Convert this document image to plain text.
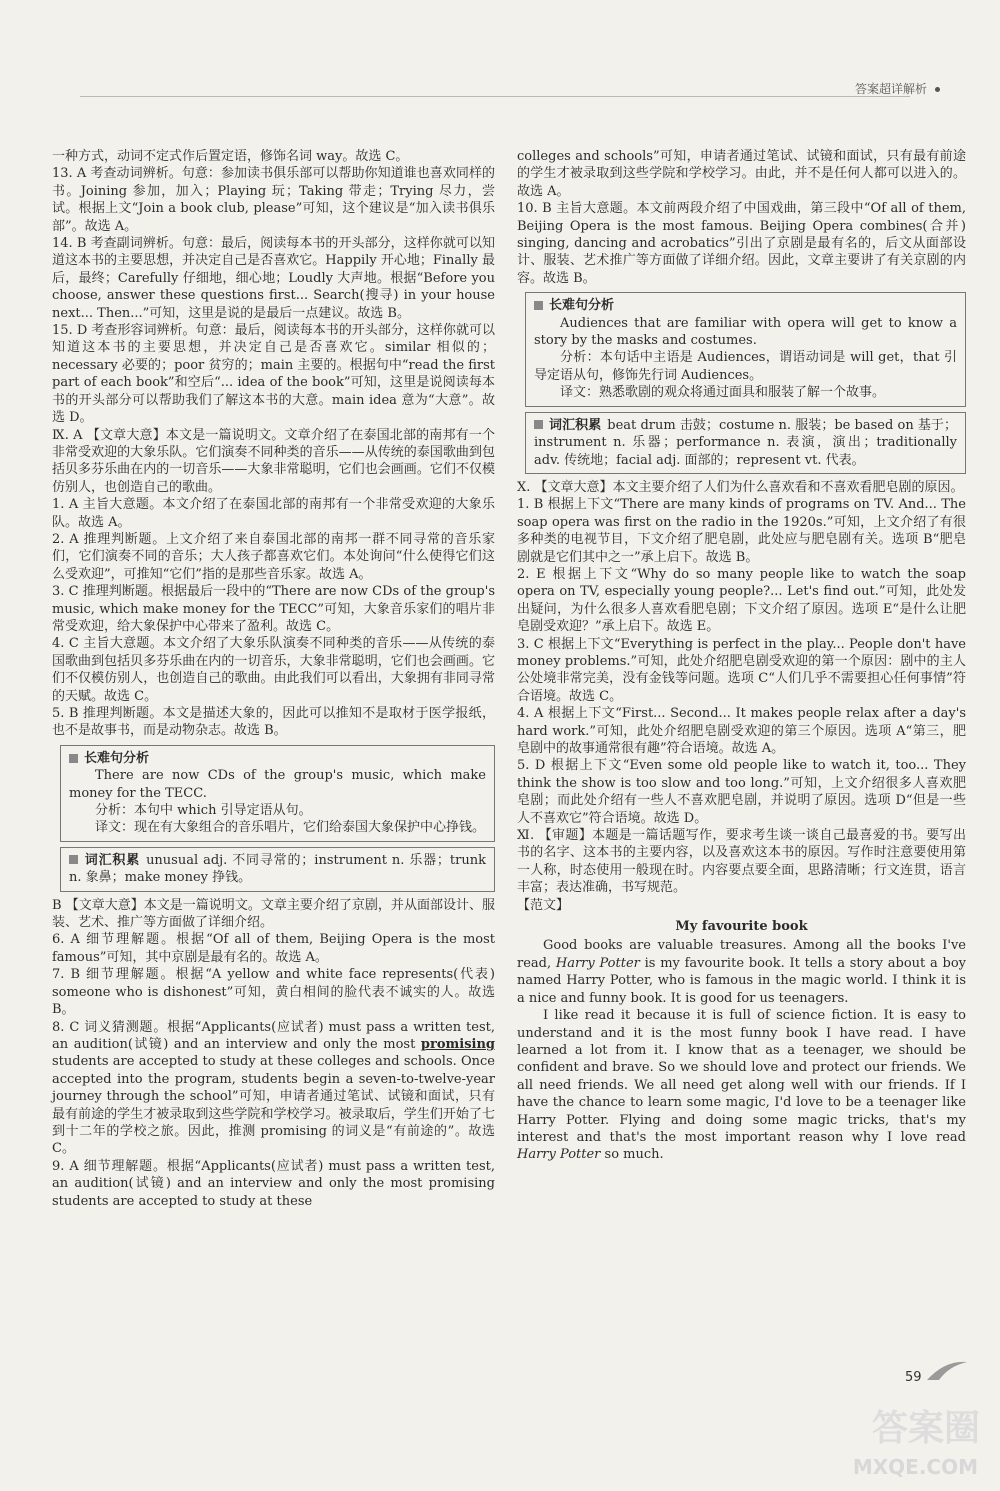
答案超详解析

一种方式，动词不定式作后置定语，修饰名词 way。故选 C。

13. A 考查动词辨析。句意：参加读书俱乐部可以帮助你知道谁也喜欢同样的书。Joining 参加，加入；Playing 玩；Taking 带走；Trying 尽力，尝试。根据上文“Join a book club, please”可知，这个建议是“加入读书俱乐部”。故选 A。

14. B 考查副词辨析。句意：最后，阅读每本书的开头部分，这样你就可以知道这本书的主要思想，并决定自己是否喜欢它。Happily 开心地；Finally 最后，最终；Carefully 仔细地，细心地；Loudly 大声地。根据“Before you choose, answer these questions first... Search(搜寻) in your house next... Then...”可知，这里是说的是最后一点建议。故选 B。

15. D 考查形容词辨析。句意：最后，阅读每本书的开头部分，这样你就可以知道这本书的主要思想，并决定自己是否喜欢它。similar 相似的；necessary 必要的；poor 贫穷的；main 主要的。根据句中“read the first part of each book”和空后“... idea of the book”可知，这里是说阅读每本书的开头部分可以帮助我们了解这本书的大意。main idea 意为“大意”。故选 D。

Ⅸ. A 【文章大意】本文是一篇说明文。文章介绍了在泰国北部的南邦有一个非常受欢迎的大象乐队。它们演奏不同种类的音乐——从传统的泰国歌曲到包括贝多芬乐曲在内的一切音乐——大象非常聪明，它们也会画画。它们不仅模仿别人，也创造自己的歌曲。

1. A 主旨大意题。本文介绍了在泰国北部的南邦有一个非常受欢迎的大象乐队。故选 A。

2. A 推理判断题。上文介绍了来自泰国北部的南邦一群不同寻常的音乐家们，它们演奏不同的音乐；大人孩子都喜欢它们。本处询问“什么使得它们这么受欢迎”，可推知“它们”指的是那些音乐家。故选 A。

3. C 推理判断题。根据最后一段中的“There are now CDs of the group's music, which make money for the TECC”可知，大象音乐家们的唱片非常受欢迎，给大象保护中心带来了盈利。故选 C。

4. C 主旨大意题。本文介绍了大象乐队演奏不同种类的音乐——从传统的泰国歌曲到包括贝多芬乐曲在内的一切音乐，大象非常聪明，它们也会画画。它们不仅模仿别人，也创造自己的歌曲。由此我们可以看出，大象拥有非同寻常的天赋。故选 C。

5. B 推理判断题。本文是描述大象的，因此可以推知不是取材于医学报纸，也不是故事书，而是动物杂志。故选 B。

长难句分析

There are now CDs of the group's music, which make money for the TECC.

分析：本句中 which 引导定语从句。

译文：现在有大象组合的音乐唱片，它们给泰国大象保护中心挣钱。

词汇积累 unusual adj. 不同寻常的；instrument n. 乐器；trunk n. 象鼻；make money 挣钱。

B 【文章大意】本文是一篇说明文。文章主要介绍了京剧，并从面部设计、服装、艺术、推广等方面做了详细介绍。

6. A 细节理解题。根据“Of all of them, Beijing Opera is the most famous”可知，其中京剧是最有名的。故选 A。

7. B 细节理解题。根据“A yellow and white face represents(代表) someone who is dishonest”可知，黄白相间的脸代表不诚实的人。故选 B。

8. C 词义猜测题。根据“Applicants(应试者) must pass a written test, an audition(试镜) and an interview and only the most promising students are accepted to study at these colleges and schools. Once accepted into the program, students begin a seven-to-twelve-year journey through the school”可知，申请者通过笔试、试镜和面试，只有最有前途的学生才被录取到这些学院和学校学习。被录取后，学生们开始了七到十二年的学校之旅。因此，推测 promising 的词义是“有前途的”。故选 C。

9. A 细节理解题。根据“Applicants(应试者) must pass a written test, an audition(试镜) and an interview and only the most promising students are accepted to study at these

colleges and schools”可知，申请者通过笔试、试镜和面试，只有最有前途的学生才被录取到这些学院和学校学习。由此，并不是任何人都可以进入的。故选 A。

10. B 主旨大意题。本文前两段介绍了中国戏曲，第三段中“Of all of them, Beijing Opera is the most famous. Beijing Opera combines(合并) singing, dancing and acrobatics”引出了京剧是最有名的，后文从面部设计、服装、艺术推广等方面做了详细介绍。因此，文章主要讲了有关京剧的内容。故选 B。

长难句分析

Audiences that are familiar with opera will get to know a story by the masks and costumes.

分析：本句话中主语是 Audiences，谓语动词是 will get，that 引导定语从句，修饰先行词 Audiences。

译文：熟悉歌剧的观众将通过面具和服装了解一个故事。

词汇积累 beat drum 击鼓；costume n. 服装；be based on 基于；instrument n. 乐器；performance n. 表演，演出；traditionally adv. 传统地；facial adj. 面部的；represent vt. 代表。

Ⅹ. 【文章大意】本文主要介绍了人们为什么喜欢看和不喜欢看肥皂剧的原因。

1. B 根据上下文“There are many kinds of programs on TV. And... The soap opera was first on the radio in the 1920s.”可知，上文介绍了有很多种类的电视节目，下文介绍了肥皂剧，此处应与肥皂剧有关。选项 B“肥皂剧就是它们其中之一”承上启下。故选 B。

2. E 根据上下文“Why do so many people like to watch the soap opera on TV, especially young people?... Let's find out.”可知，此处发出疑问，为什么很多人喜欢看肥皂剧；下文介绍了原因。选项 E“是什么让肥皂剧受欢迎？”承上启下。故选 E。

3. C 根据上下文“Everything is perfect in the play... People don't have money problems.”可知，此处介绍肥皂剧受欢迎的第一个原因：剧中的主人公处境非常完美，没有金钱等问题。选项 C“人们几乎不需要担心任何事情”符合语境。故选 C。

4. A 根据上下文“First... Second... It makes people relax after a day's hard work.”可知，此处介绍肥皂剧受欢迎的第三个原因。选项 A“第三，肥皂剧中的故事通常很有趣”符合语境。故选 A。

5. D 根据上下文“Even some old people like to watch it, too... They think the show is too slow and too long.”可知，上文介绍很多人喜欢肥皂剧；而此处介绍有一些人不喜欢肥皂剧，并说明了原因。选项 D“但是一些人不喜欢它”符合语境。故选 D。

Ⅺ. 【审题】本题是一篇话题写作，要求考生谈一谈自己最喜爱的书。要写出书的名字、这本书的主要内容，以及喜欢这本书的原因。写作时注意要使用第一人称，时态使用一般现在时。内容要点要全面，思路清晰；行文连贯，语言丰富；表达准确，书写规范。

【范文】

My favourite book

Good books are valuable treasures. Among all the books I've read, Harry Potter is my favourite book. It tells a story about a boy named Harry Potter, who is famous in the magic world. I think it is a nice and funny book. It is good for us teenagers.

I like read it because it is full of science fiction. It is easy to understand and it is the most funny book I have read. I have learned a lot from it. I know that as a teenager, we should be confident and brave. So we should love and protect our friends. We all need friends. We all need get along well with our friends. If I have the chance to learn some magic, I'd love to be a teenager like Harry Potter. Flying and doing some magic tricks, that's my interest and that's the most important reason why I love read Harry Potter so much.

59
答案圈
MXQE.COM
